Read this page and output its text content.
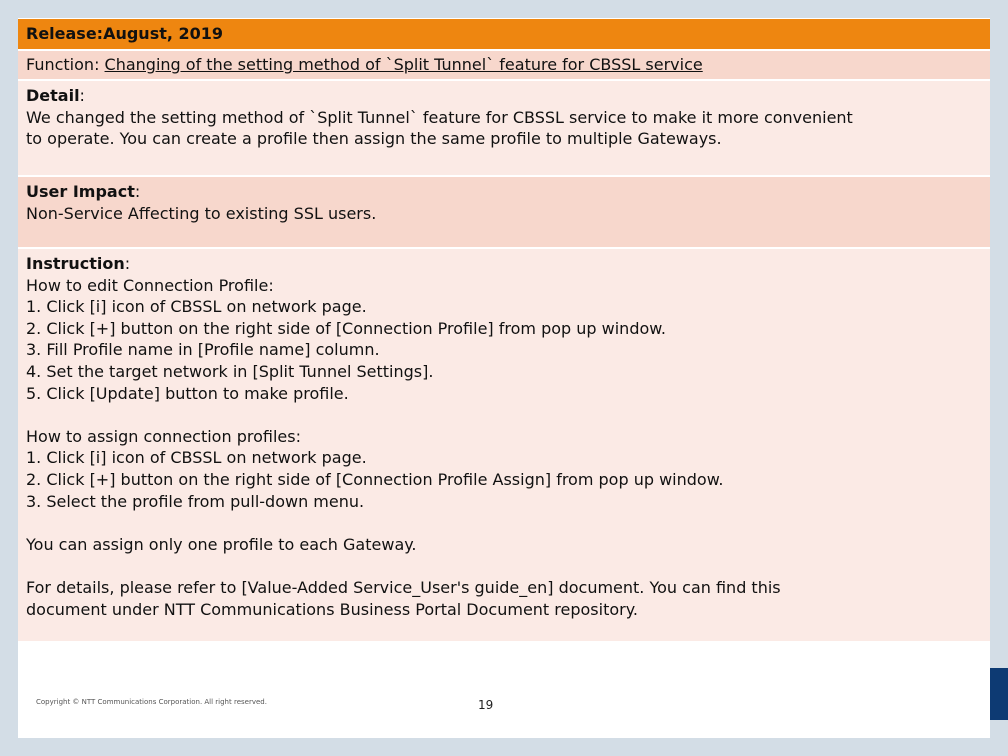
Release:August, 2019
Function: Changing of the setting method of `Split Tunnel` feature for CBSSL service
Detail:
We changed the setting method of `Split Tunnel` feature for CBSSL service to make it more convenient
to operate. You can create a profile then assign the same profile to multiple Gateways.
User Impact:
Non-Service Affecting to existing SSL users.
Instruction:
How to edit Connection Profile:
1. Click [i] icon of CBSSL on network page.
2. Click [+] button on the right side of [Connection Profile] from pop up window.
3. Fill Profile name in [Profile name] column.
4. Set the target network in [Split Tunnel Settings].
5. Click [Update] button to make profile.
How to assign connection profiles:
1. Click [i] icon of CBSSL on network page.
2. Click [+] button on the right side of [Connection Profile Assign] from pop up window.
3. Select the profile from pull-down menu.
You can assign only one profile to each Gateway.
For details, please refer to [Value-Added Service_User's guide_en] document. You can find this
document under NTT Communications Business Portal Document repository.
Copyright © NTT Communications Corporation. All right reserved.	19
